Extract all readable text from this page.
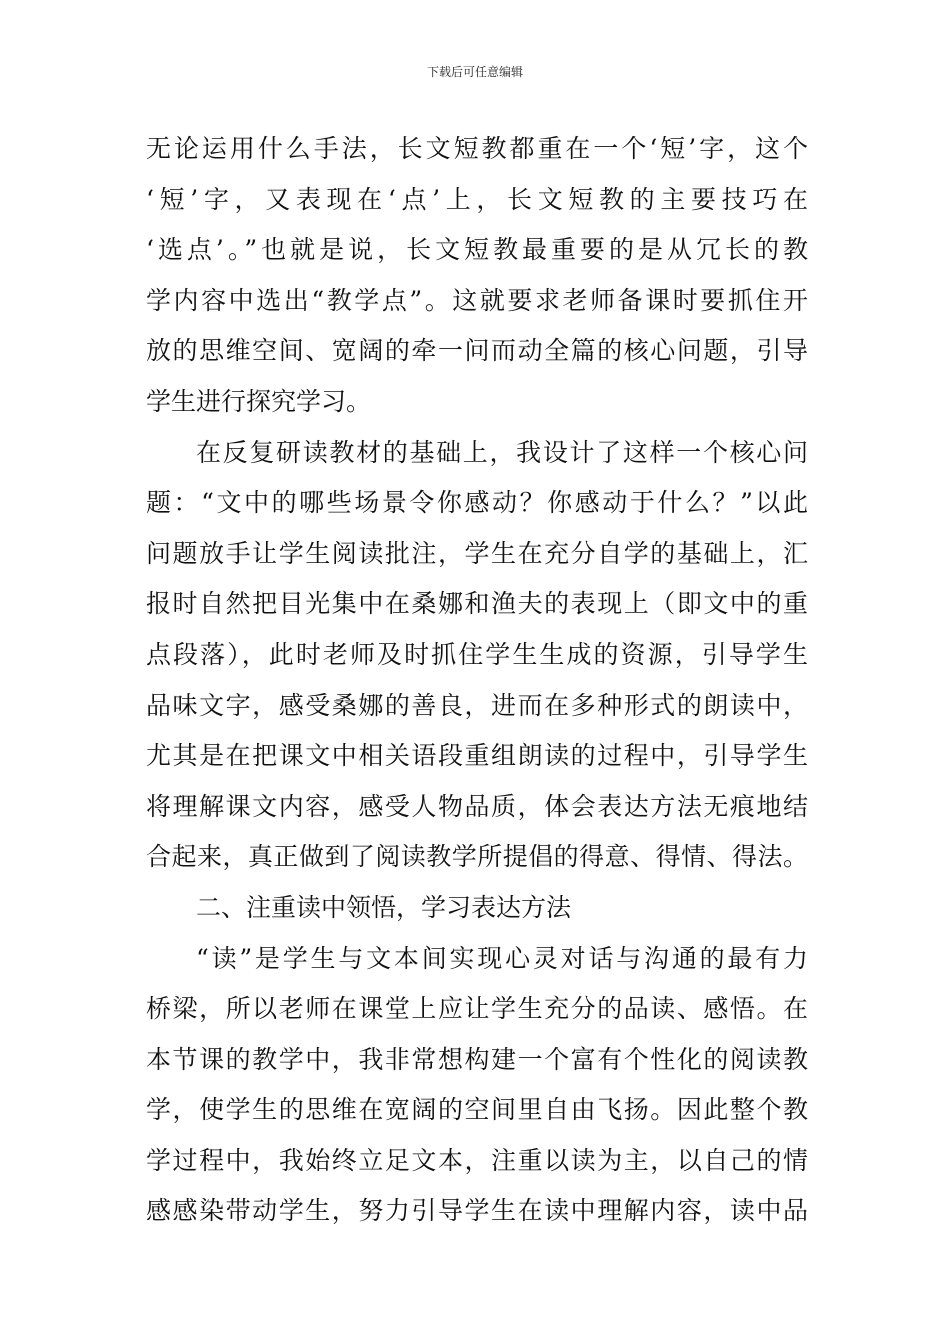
下载后可任意编辑
无论运用什么手法，长文短教都重在一个‘短’字，这个
‘短’字，又表现在‘点’上，长文短教的主要技巧在
‘选点’。”也就是说，长文短教最重要的是从冗长的教
学内容中选出“教学点”。这就要求老师备课时要抓住开
放的思维空间、宽阔的牵一问而动全篇的核心问题，引导
学生进行探究学习。
在反复研读教材的基础上，我设计了这样一个核心问
题：“文中的哪些场景令你感动？你感动于什么？”以此
问题放手让学生阅读批注，学生在充分自学的基础上，汇
报时自然把目光集中在桑娜和渔夫的表现上（即文中的重
点段落），此时老师及时抓住学生生成的资源，引导学生
品味文字，感受桑娜的善良，进而在多种形式的朗读中，
尤其是在把课文中相关语段重组朗读的过程中，引导学生
将理解课文内容，感受人物品质，体会表达方法无痕地结
合起来，真正做到了阅读教学所提倡的得意、得情、得法。
二、注重读中领悟，学习表达方法
“读”是学生与文本间实现心灵对话与沟通的最有力
桥梁，所以老师在课堂上应让学生充分的品读、感悟。在
本节课的教学中，我非常想构建一个富有个性化的阅读教
学，使学生的思维在宽阔的空间里自由飞扬。因此整个教
学过程中，我始终立足文本，注重以读为主，以自己的情
感感染带动学生，努力引导学生在读中理解内容，读中品
